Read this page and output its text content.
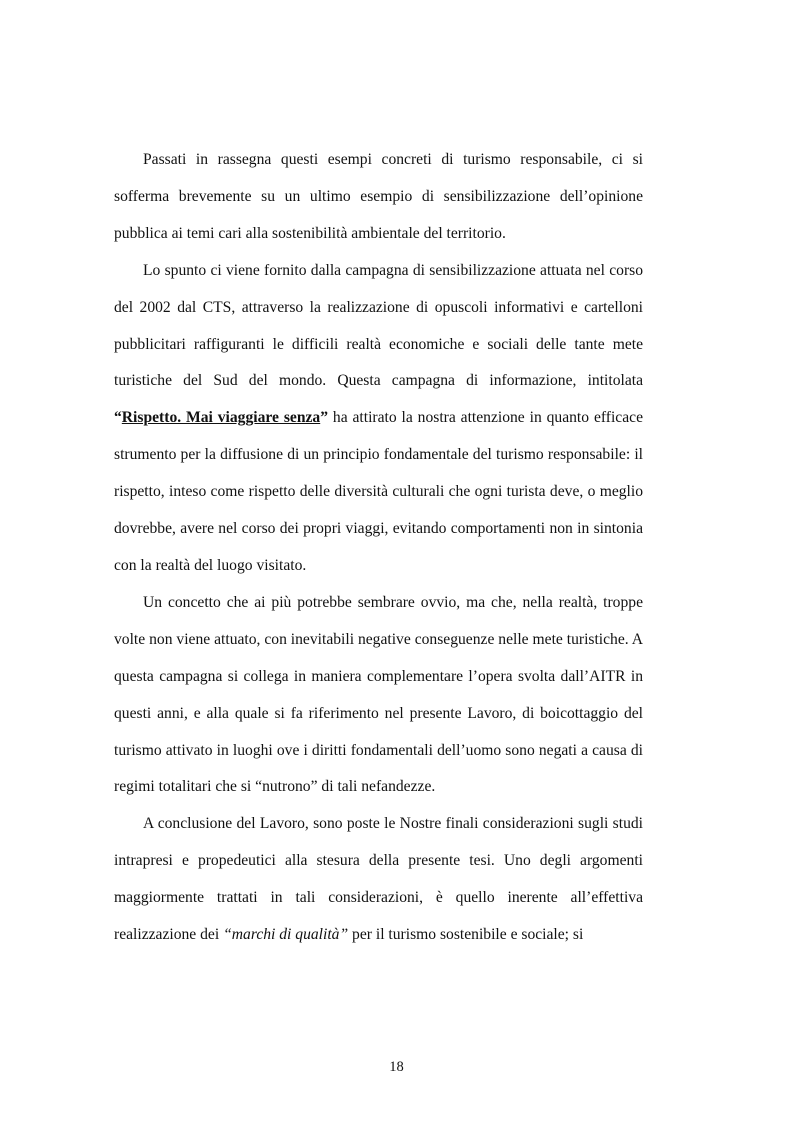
Passati in rassegna questi esempi concreti di turismo responsabile, ci si sofferma brevemente su un ultimo esempio di sensibilizzazione dell’opinione pubblica ai temi cari alla sostenibilità ambientale del territorio.

Lo spunto ci viene fornito dalla campagna di sensibilizzazione attuata nel corso del 2002 dal CTS, attraverso la realizzazione di opuscoli informativi e cartelloni pubblicitari raffiguranti le difficili realtà economiche e sociali delle tante mete turistiche del Sud del mondo. Questa campagna di informazione, intitolata “Rispetto. Mai viaggiare senza” ha attirato la nostra attenzione in quanto efficace strumento per la diffusione di un principio fondamentale del turismo responsabile: il rispetto, inteso come rispetto delle diversità culturali che ogni turista deve, o meglio dovrebbe, avere nel corso dei propri viaggi, evitando comportamenti non in sintonia con la realtà del luogo visitato.

Un concetto che ai più potrebbe sembrare ovvio, ma che, nella realtà, troppe volte non viene attuato, con inevitabili negative conseguenze nelle mete turistiche. A questa campagna si collega in maniera complementare l’opera svolta dall’AITR in questi anni, e alla quale si fa riferimento nel presente Lavoro, di boicottaggio del turismo attivato in luoghi ove i diritti fondamentali dell’uomo sono negati a causa di regimi totalitari che si “nutrono” di tali nefandezze.

A conclusione del Lavoro, sono poste le Nostre finali considerazioni sugli studi intrapresi e propedeutici alla stesura della presente tesi. Uno degli argomenti maggiormente trattati in tali considerazioni, è quello inerente all’effettiva realizzazione dei “marchi di qualità” per il turismo sostenibile e sociale; si

18
